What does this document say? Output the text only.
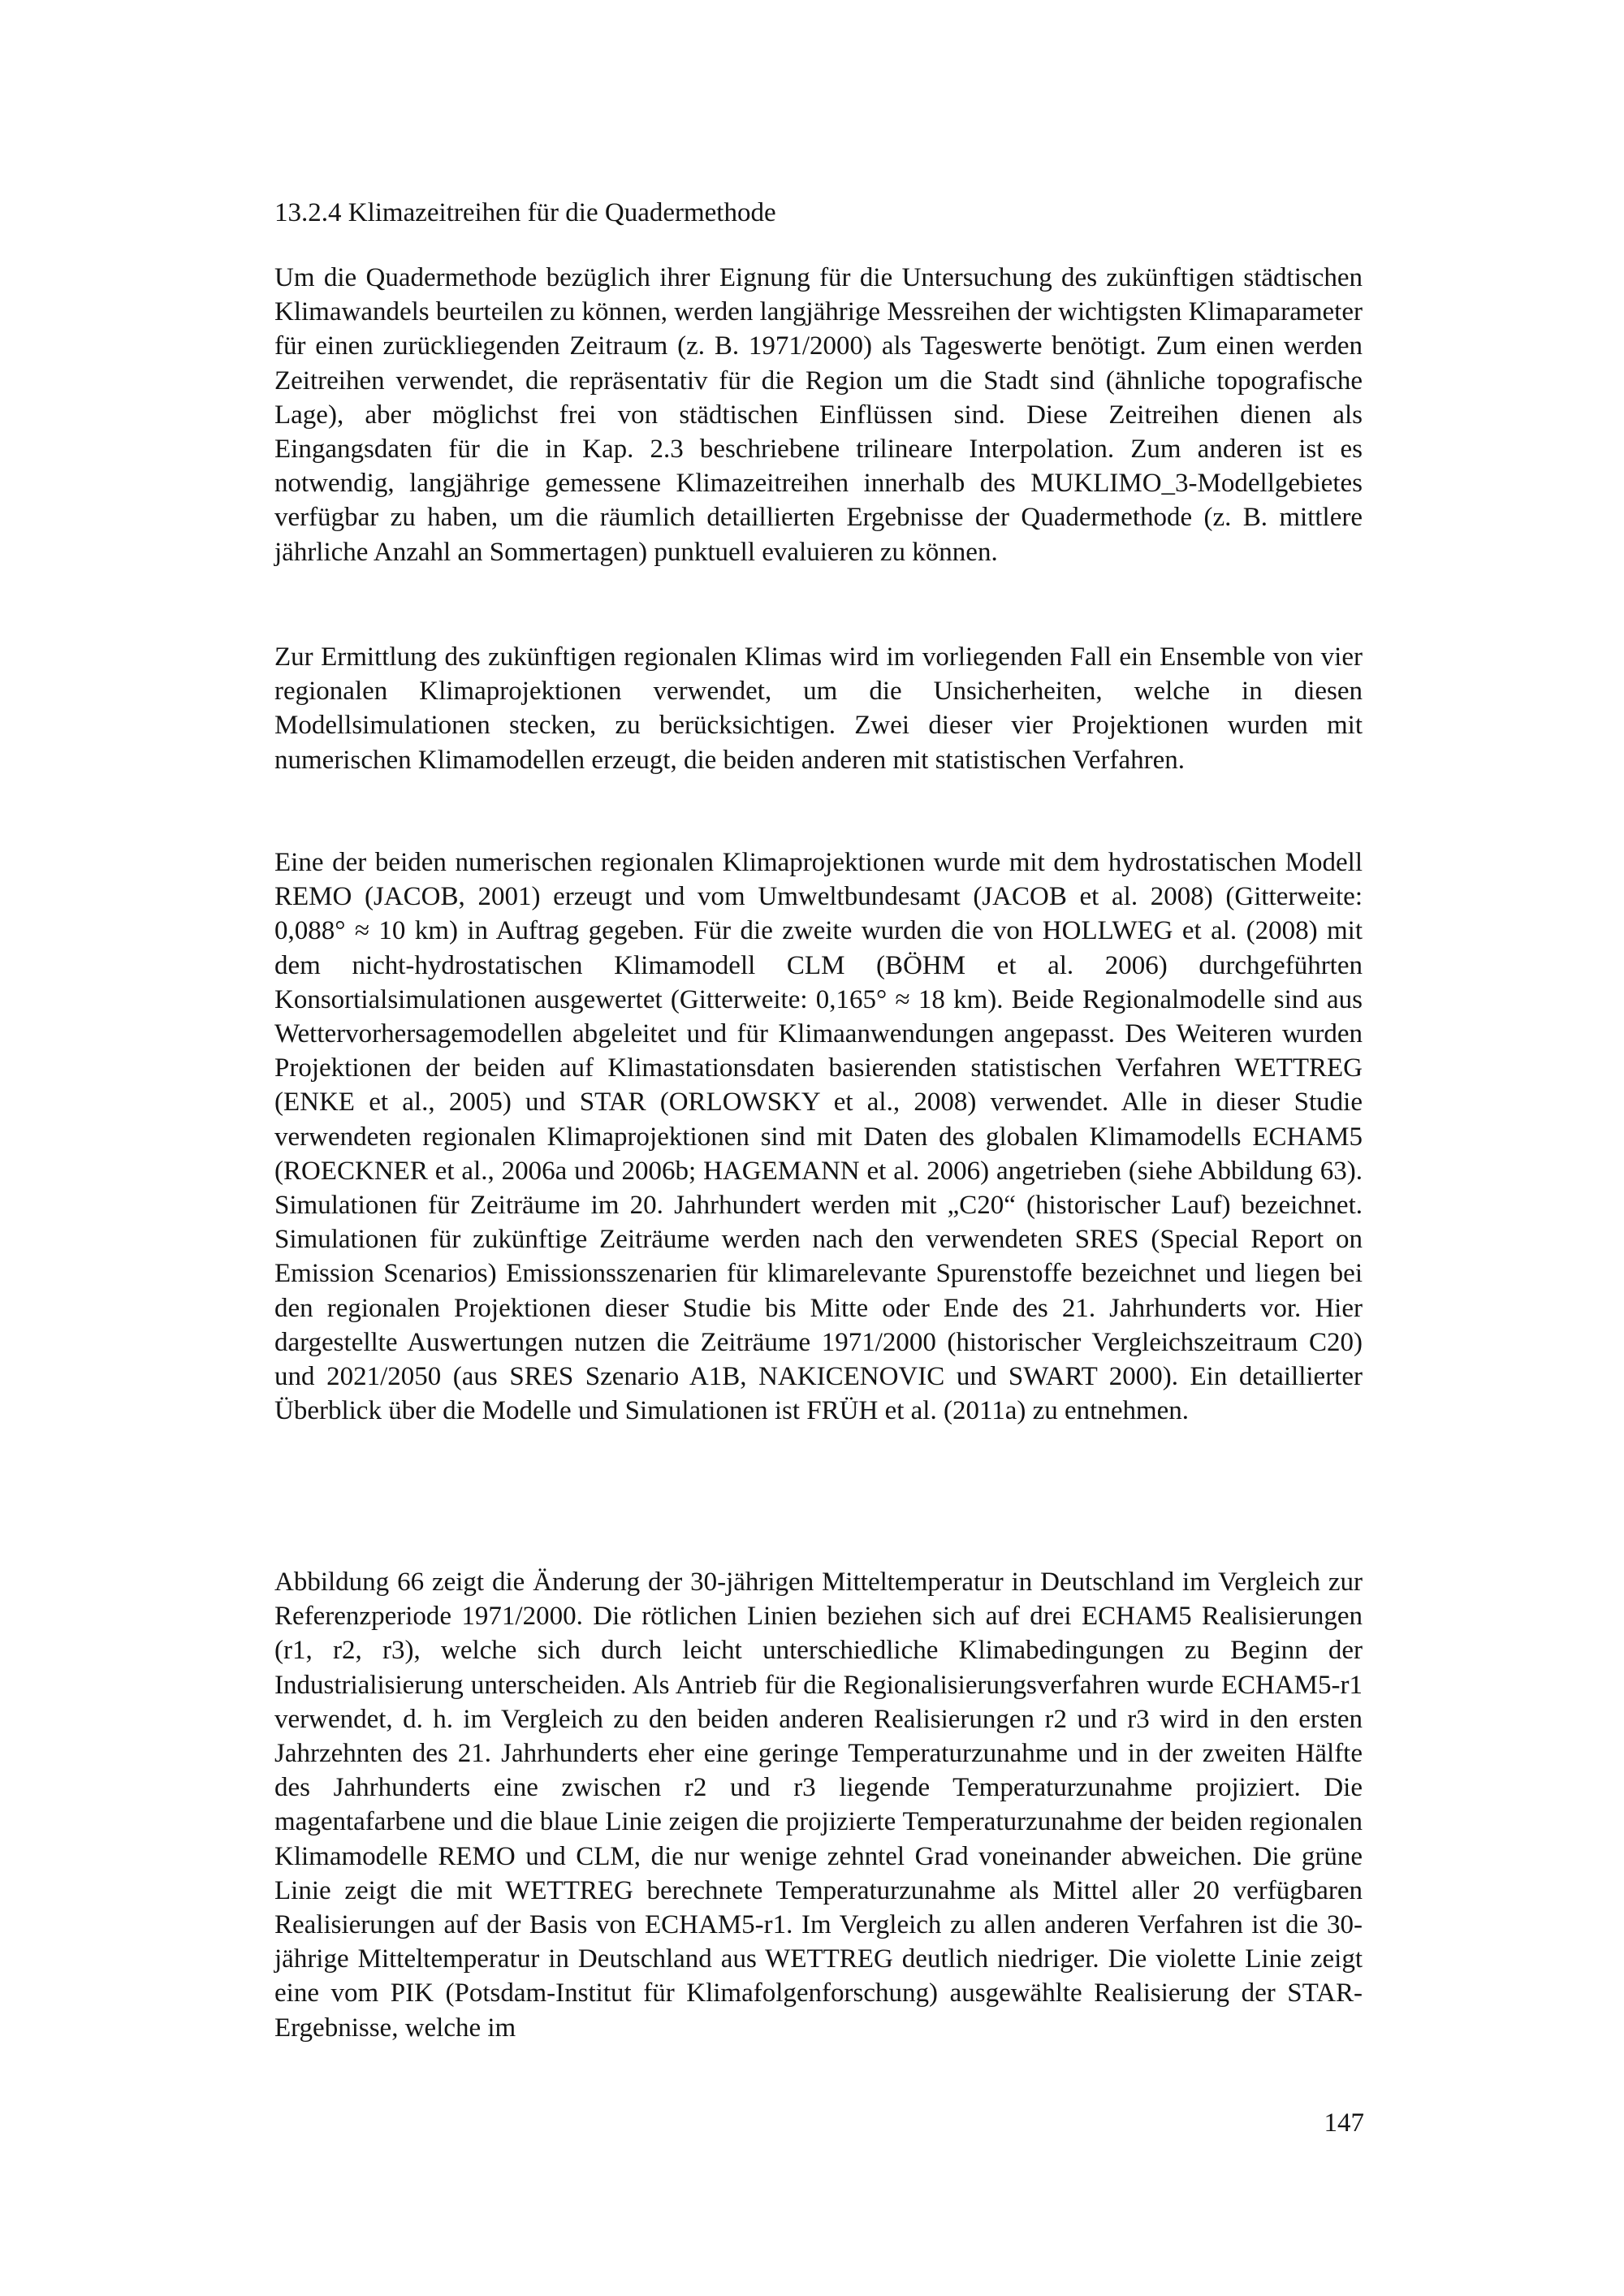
13.2.4 Klimazeitreihen für die Quadermethode

Um die Quadermethode bezüglich ihrer Eignung für die Untersuchung des zukünftigen städtischen Klimawandels beurteilen zu können, werden langjährige Messreihen der wichtigsten Klimaparameter für einen zurückliegenden Zeitraum (z. B. 1971/2000) als Tageswerte benötigt. Zum einen werden Zeitreihen verwendet, die repräsentativ für die Region um die Stadt sind (ähnliche topografische Lage), aber möglichst frei von städtischen Einflüssen sind. Diese Zeitreihen dienen als Eingangsdaten für die in Kap. 2.3 beschriebene trilineare Interpolation. Zum anderen ist es notwendig, langjährige gemessene Klimazeitreihen innerhalb des MUKLIMO_3-Modellgebietes verfügbar zu haben, um die räumlich detaillierten Ergebnisse der Quadermethode (z. B. mittlere jährliche Anzahl an Sommertagen) punktuell evaluieren zu können.

Zur Ermittlung des zukünftigen regionalen Klimas wird im vorliegenden Fall ein Ensemble von vier regionalen Klimaprojektionen verwendet, um die Unsicherheiten, welche in diesen Modellsimulationen stecken, zu berücksichtigen. Zwei dieser vier Projektionen wurden mit numerischen Klimamodellen erzeugt, die beiden anderen mit statistischen Verfahren.

Eine der beiden numerischen regionalen Klimaprojektionen wurde mit dem hydrostatischen Modell REMO (JACOB, 2001) erzeugt und vom Umweltbundesamt (JACOB et al. 2008) (Gitterweite: 0,088° ≈ 10 km) in Auftrag gegeben. Für die zweite wurden die von HOLLWEG et al. (2008) mit dem nicht-hydrostatischen Klimamodell CLM (BÖHM et al. 2006) durchgeführten Konsortialsimulationen ausgewertet (Gitterweite: 0,165° ≈ 18 km). Beide Regionalmodelle sind aus Wettervorhersagemodellen abgeleitet und für Klimaanwendungen angepasst. Des Weiteren wurden Projektionen der beiden auf Klimastationsdaten basierenden statistischen Verfahren WETTREG (ENKE et al., 2005) und STAR (ORLOWSKY et al., 2008) verwendet. Alle in dieser Studie verwendeten regionalen Klimaprojektionen sind mit Daten des globalen Klimamodells ECHAM5 (ROECKNER et al., 2006a und 2006b; HAGEMANN et al. 2006) angetrieben (siehe Abbildung 63). Simulationen für Zeiträume im 20. Jahrhundert werden mit „C20“ (historischer Lauf) bezeichnet. Simulationen für zukünftige Zeiträume werden nach den verwendeten SRES (Special Report on Emission Scenarios) Emissionsszenarien für klimarelevante Spurenstoffe bezeichnet und liegen bei den regionalen Projektionen dieser Studie bis Mitte oder Ende des 21. Jahrhunderts vor. Hier dargestellte Auswertungen nutzen die Zeiträume 1971/2000 (historischer Vergleichszeitraum C20) und 2021/2050 (aus SRES Szenario A1B, NAKICENOVIC und SWART 2000). Ein detaillierter Überblick über die Modelle und Simulationen ist FRÜH et al. (2011a) zu entnehmen.

Abbildung 66 zeigt die Änderung der 30-jährigen Mitteltemperatur in Deutschland im Vergleich zur Referenzperiode 1971/2000. Die rötlichen Linien beziehen sich auf drei ECHAM5 Realisierungen (r1, r2, r3), welche sich durch leicht unterschiedliche Klimabedingungen zu Beginn der Industrialisierung unterscheiden. Als Antrieb für die Regionalisierungsverfahren wurde ECHAM5-r1 verwendet, d. h. im Vergleich zu den beiden anderen Realisierungen r2 und r3 wird in den ersten Jahrzehnten des 21. Jahrhunderts eher eine geringe Temperaturzunahme und in der zweiten Hälfte des Jahrhunderts eine zwischen r2 und r3 liegende Temperaturzunahme projiziert. Die magentafarbene und die blaue Linie zeigen die projizierte Temperaturzunahme der beiden regionalen Klimamodelle REMO und CLM, die nur wenige zehntel Grad voneinander abweichen. Die grüne Linie zeigt die mit WETTREG berechnete Temperaturzunahme als Mittel aller 20 verfügbaren Realisierungen auf der Basis von ECHAM5-r1. Im Vergleich zu allen anderen Verfahren ist die 30-jährige Mitteltemperatur in Deutschland aus WETTREG deutlich niedriger. Die violette Linie zeigt eine vom PIK (Potsdam-Institut für Klimafolgenforschung) ausgewählte Realisierung der STAR-Ergebnisse, welche im

147
